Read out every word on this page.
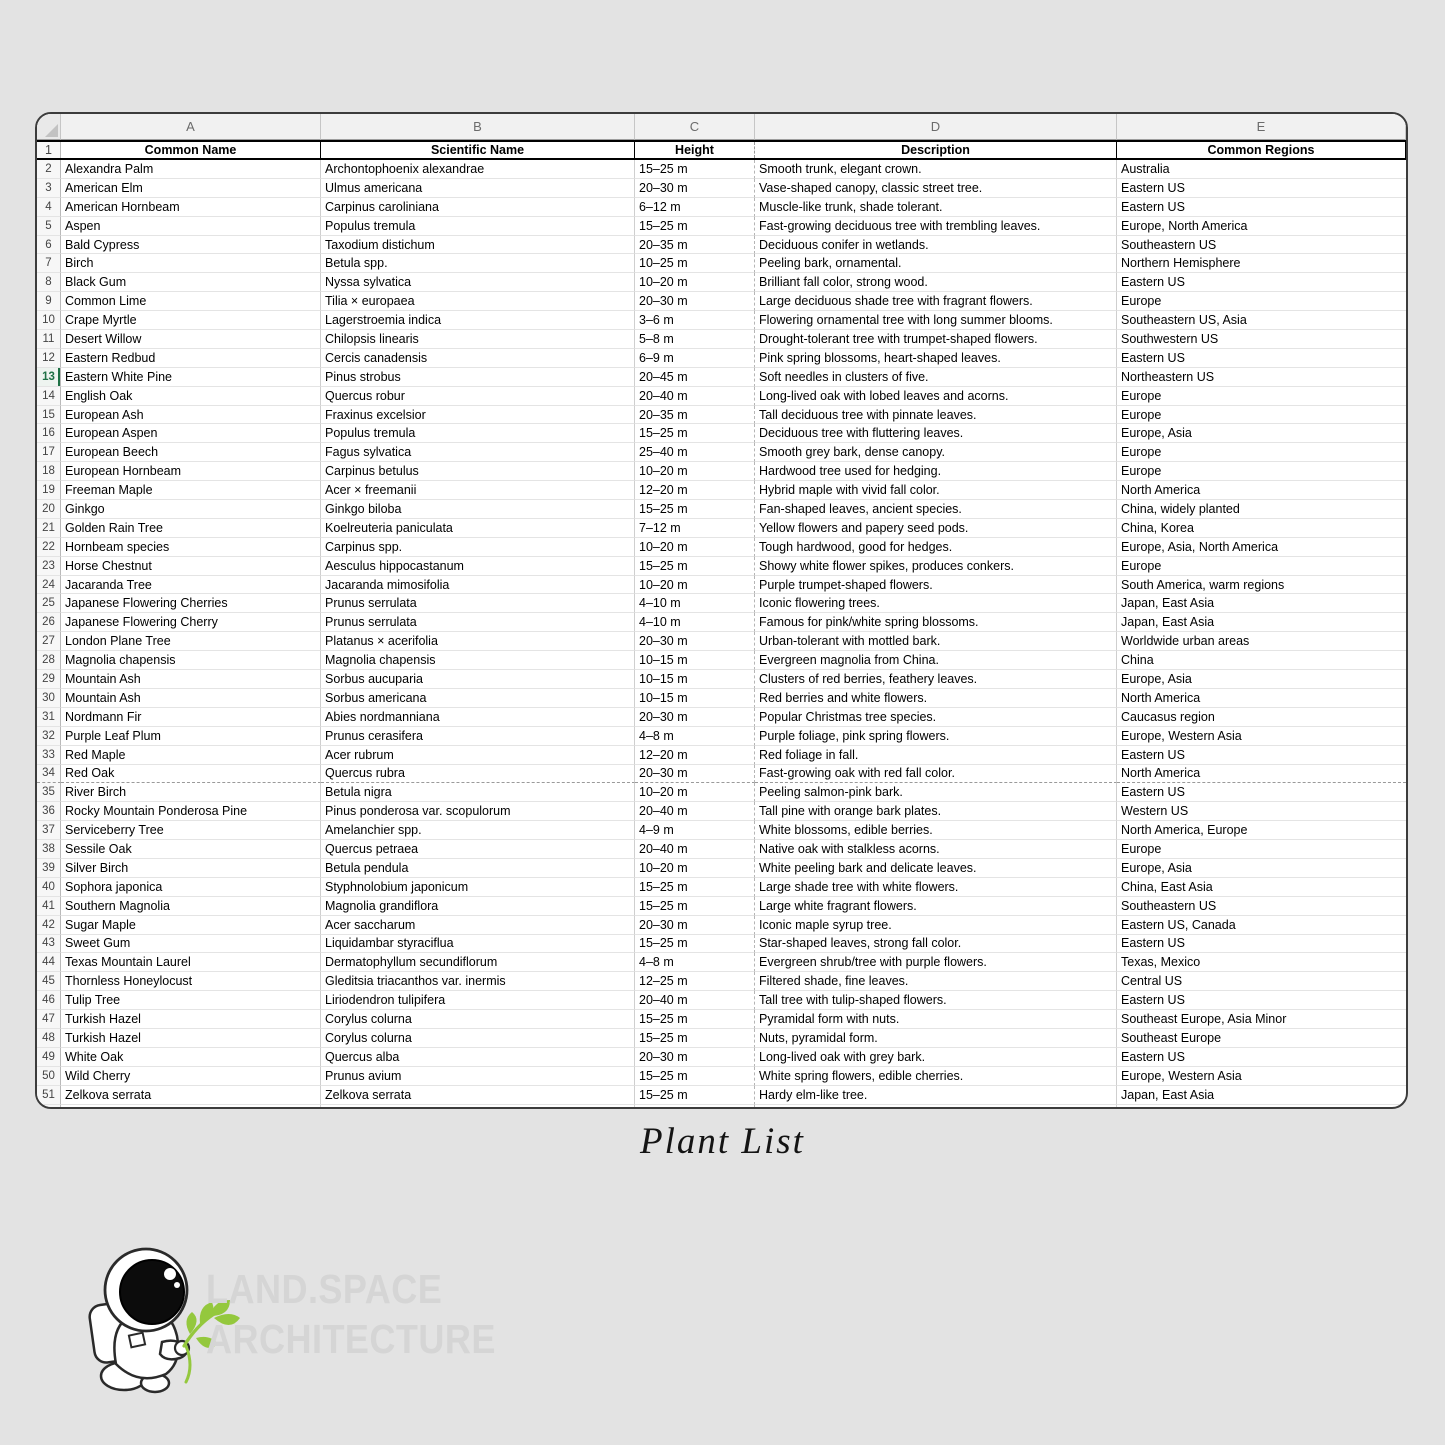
A	B	C	D	E
1	Common Name	Scientific Name	Height	Description	Common Regions
2	Alexandra Palm	Archontophoenix alexandrae	15–25 m	Smooth trunk, elegant crown.	Australia
3	American Elm	Ulmus americana	20–30 m	Vase-shaped canopy, classic street tree.	Eastern US
4	American Hornbeam	Carpinus caroliniana	6–12 m	Muscle-like trunk, shade tolerant.	Eastern US
5	Aspen	Populus tremula	15–25 m	Fast-growing deciduous tree with trembling leaves.	Europe, North America
6	Bald Cypress	Taxodium distichum	20–35 m	Deciduous conifer in wetlands.	Southeastern US
7	Birch	Betula spp.	10–25 m	Peeling bark, ornamental.	Northern Hemisphere
8	Black Gum	Nyssa sylvatica	10–20 m	Brilliant fall color, strong wood.	Eastern US
9	Common Lime	Tilia × europaea	20–30 m	Large deciduous shade tree with fragrant flowers.	Europe
10 Crape Myrtle	Lagerstroemia indica	3–6 m	Flowering ornamental tree with long summer blooms.	Southeastern US, Asia
11 Desert Willow	Chilopsis linearis	5–8 m	Drought-tolerant tree with trumpet-shaped flowers.	Southwestern US
12 Eastern Redbud	Cercis canadensis	6–9 m	Pink spring blossoms, heart-shaped leaves.	Eastern US
13 Eastern White Pine	Pinus strobus	20–45 m	Soft needles in clusters of five.	Northeastern US
14 English Oak	Quercus robur	20–40 m	Long-lived oak with lobed leaves and acorns.	Europe
15 European Ash	Fraxinus excelsior	20–35 m	Tall deciduous tree with pinnate leaves.	Europe
16 European Aspen	Populus tremula	15–25 m	Deciduous tree with fluttering leaves.	Europe, Asia
17 European Beech	Fagus sylvatica	25–40 m	Smooth grey bark, dense canopy.	Europe
18 European Hornbeam	Carpinus betulus	10–20 m	Hardwood tree used for hedging.	Europe
19 Freeman Maple	Acer × freemanii	12–20 m	Hybrid maple with vivid fall color.	North America
20 Ginkgo	Ginkgo biloba	15–25 m	Fan-shaped leaves, ancient species.	China, widely planted
21 Golden Rain Tree	Koelreuteria paniculata	7–12 m	Yellow flowers and papery seed pods.	China, Korea
22 Hornbeam species	Carpinus spp.	10–20 m	Tough hardwood, good for hedges.	Europe, Asia, North America
23 Horse Chestnut	Aesculus hippocastanum	15–25 m	Showy white flower spikes, produces conkers.	Europe
24 Jacaranda Tree	Jacaranda mimosifolia	10–20 m	Purple trumpet-shaped flowers.	South America, warm regions
25 Japanese Flowering Cherries	Prunus serrulata	4–10 m	Iconic flowering trees.	Japan, East Asia
26 Japanese Flowering Cherry	Prunus serrulata	4–10 m	Famous for pink/white spring blossoms.	Japan, East Asia
27 London Plane Tree	Platanus × acerifolia	20–30 m	Urban-tolerant with mottled bark.	Worldwide urban areas
28 Magnolia chapensis	Magnolia chapensis	10–15 m	Evergreen magnolia from China.	China
29 Mountain Ash	Sorbus aucuparia	10–15 m	Clusters of red berries, feathery leaves.	Europe, Asia
30 Mountain Ash	Sorbus americana	10–15 m	Red berries and white flowers.	North America
31 Nordmann Fir	Abies nordmanniana	20–30 m	Popular Christmas tree species.	Caucasus region
32 Purple Leaf Plum	Prunus cerasifera	4–8 m	Purple foliage, pink spring flowers.	Europe, Western Asia
33 Red Maple	Acer rubrum	12–20 m	Red foliage in fall.	Eastern US
34 Red Oak	Quercus rubra	20–30 m	Fast-growing oak with red fall color.	North America
35 River Birch	Betula nigra	10–20 m	Peeling salmon-pink bark.	Eastern US
36 Rocky Mountain Ponderosa Pine	Pinus ponderosa var. scopulorum	20–40 m	Tall pine with orange bark plates.	Western US
37 Serviceberry Tree	Amelanchier spp.	4–9 m	White blossoms, edible berries.	North America, Europe
38 Sessile Oak	Quercus petraea	20–40 m	Native oak with stalkless acorns.	Europe
39 Silver Birch	Betula pendula	10–20 m	White peeling bark and delicate leaves.	Europe, Asia
40 Sophora japonica	Styphnolobium japonicum	15–25 m	Large shade tree with white flowers.	China, East Asia
41 Southern Magnolia	Magnolia grandiflora	15–25 m	Large white fragrant flowers.	Southeastern US
42 Sugar Maple	Acer saccharum	20–30 m	Iconic maple syrup tree.	Eastern US, Canada
43 Sweet Gum	Liquidambar styraciflua	15–25 m	Star-shaped leaves, strong fall color.	Eastern US
44 Texas Mountain Laurel	Dermatophyllum secundiflorum	4–8 m	Evergreen shrub/tree with purple flowers.	Texas, Mexico
45 Thornless Honeylocust	Gleditsia triacanthos var. inermis	12–25 m	Filtered shade, fine leaves.	Central US
46 Tulip Tree	Liriodendron tulipifera	20–40 m	Tall tree with tulip-shaped flowers.	Eastern US
47 Turkish Hazel	Corylus colurna	15–25 m	Pyramidal form with nuts.	Southeast Europe, Asia Minor
48 Turkish Hazel	Corylus colurna	15–25 m	Nuts, pyramidal form.	Southeast Europe
49 White Oak	Quercus alba	20–30 m	Long-lived oak with grey bark.	Eastern US
50 Wild Cherry	Prunus avium	15–25 m	White spring flowers, edible cherries.	Europe, Western Asia
51 Zelkova serrata	Zelkova serrata	15–25 m	Hardy elm-like tree.	Japan, East Asia
Plant List
LAND.SPACE
ARCHITECTURE
